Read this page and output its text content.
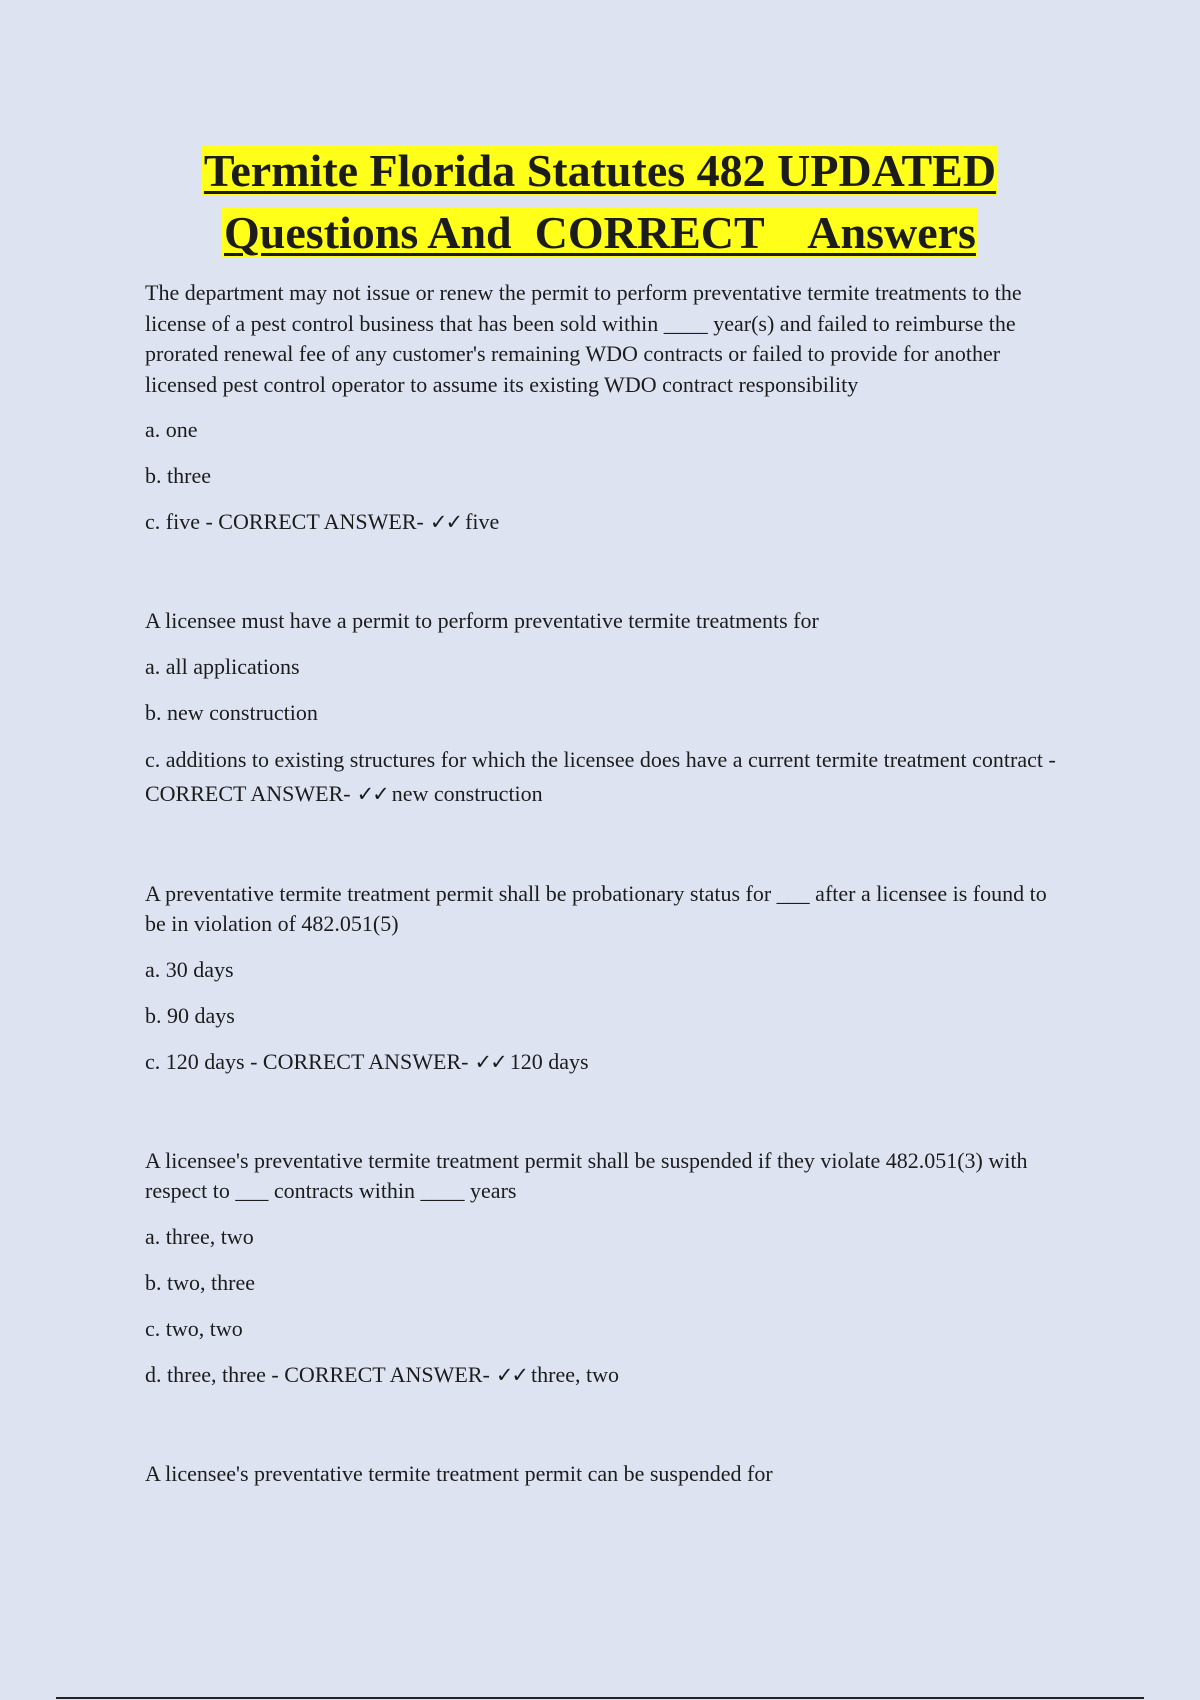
Termite Florida Statutes 482 UPDATED
Questions And  CORRECT    Answers

The department may not issue or renew the permit to perform preventative termite treatments to the license of a pest control business that has been sold within ____ year(s) and failed to reimburse the prorated renewal fee of any customer's remaining WDO contracts or failed to provide for another licensed pest control operator to assume its existing WDO contract responsibility

a. one

b. three

c. five - CORRECT ANSWER- ✓✓ five

A licensee must have a permit to perform preventative termite treatments for

a. all applications

b. new construction

c. additions to existing structures for which the licensee does have a current termite treatment contract - CORRECT ANSWER- ✓✓ new construction

A preventative termite treatment permit shall be probationary status for ___ after a licensee is found to be in violation of 482.051(5)

a. 30 days

b. 90 days

c. 120 days - CORRECT ANSWER- ✓✓ 120 days

A licensee's preventative termite treatment permit shall be suspended if they violate 482.051(3) with respect to ___ contracts within ____ years

a. three, two

b. two, three

c. two, two

d. three, three - CORRECT ANSWER- ✓✓ three, two

A licensee's preventative termite treatment permit can be suspended for
